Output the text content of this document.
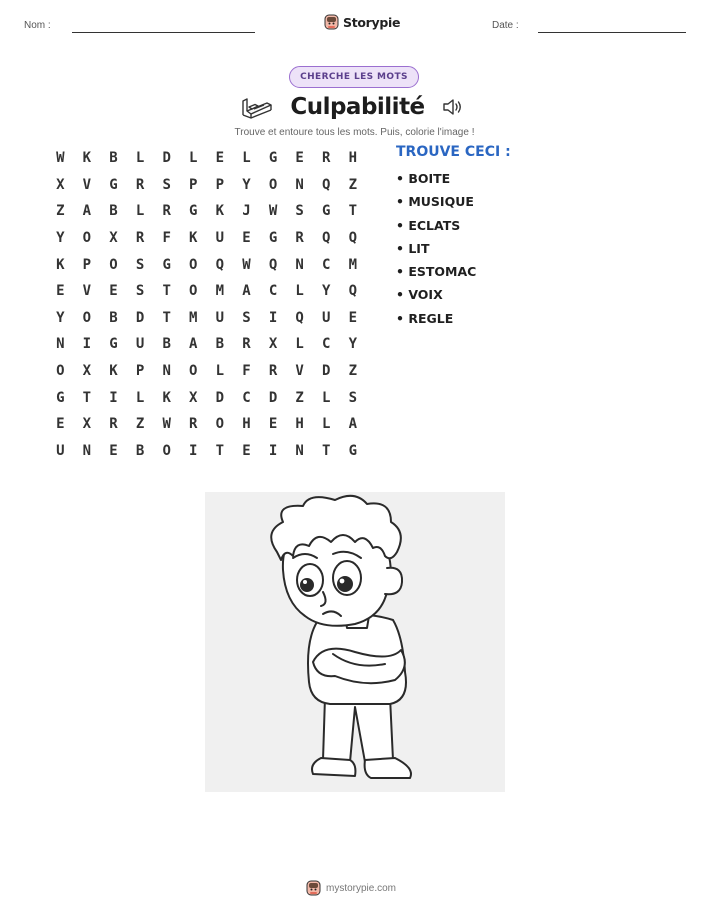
Nom :	Storypie	Date :
CHERCHE LES MOTS
Culpabilité
Trouve et entoure tous les mots. Puis, colorie l'image !
W	K	B	L	D	L	E	L	G	E	R	H
X	V	G	R	S	P	P	Y	O	N	Q	Z
Z	A	B	L	R	G	K	J	W	S	G	T
Y	O	X	R	F	K	U	E	G	R	Q	Q
K	P	O	S	G	O	Q	W	Q	N	C	M
E	V	E	S	T	O	M	A	C	L	Y	Q
Y	O	B	D	T	M	U	S	I	Q	U	E
N	I	G	U	B	A	B	R	X	L	C	Y
O	X	K	P	N	O	L	F	R	V	D	Z
G	T	I	L	K	X	D	C	D	Z	L	S
E	X	R	Z	W	R	O	H	E	H	L	A
U	N	E	B	O	I	T	E	I	N	T	G
TROUVE CECI :
• BOITE
• MUSIQUE
• ECLATS
• LIT
• ESTOMAC
• VOIX
• REGLE
mystorypie.com
